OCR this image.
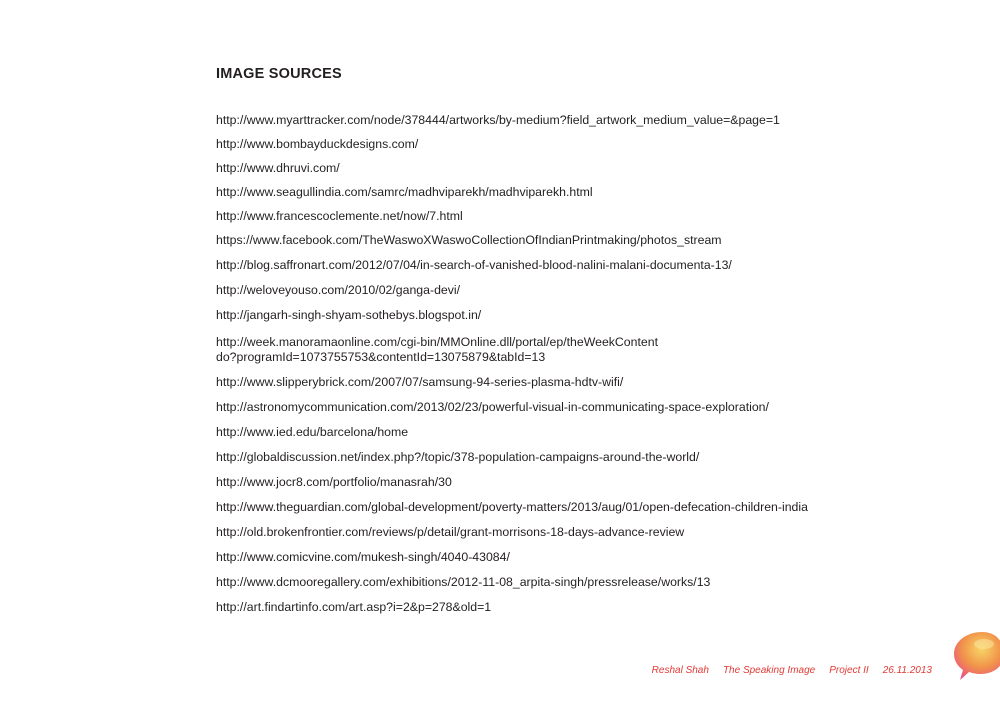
IMAGE SOURCES
http://www.myarttracker.com/node/378444/artworks/by-medium?field_artwork_medium_value=&page=1
http://www.bombayduckdesigns.com/
http://www.dhruvi.com/
http://www.seagullindia.com/samrc/madhviparekh/madhviparekh.html
http://www.francescoclemente.net/now/7.html
https://www.facebook.com/TheWaswoXWaswoCollectionOfIndianPrintmaking/photos_stream
http://blog.saffronart.com/2012/07/04/in-search-of-vanished-blood-nalini-malani-documenta-13/
http://weloveyouso.com/2010/02/ganga-devi/
http://jangarh-singh-shyam-sothebys.blogspot.in/
http://week.manoramaonline.com/cgi-bin/MMOnline.dll/portal/ep/theWeekContent
do?programId=1073755753&contentId=13075879&tabId=13
http://www.slipperybrick.com/2007/07/samsung-94-series-plasma-hdtv-wifi/
http://astronomycommunication.com/2013/02/23/powerful-visual-in-communicating-space-exploration/
http://www.ied.edu/barcelona/home
http://globaldiscussion.net/index.php?/topic/378-population-campaigns-around-the-world/
http://www.jocr8.com/portfolio/manasrah/30
http://www.theguardian.com/global-development/poverty-matters/2013/aug/01/open-defecation-children-india
http://old.brokenfrontier.com/reviews/p/detail/grant-morrisons-18-days-advance-review
http://www.comicvine.com/mukesh-singh/4040-43084/
http://www.dcmooregallery.com/exhibitions/2012-11-08_arpita-singh/pressrelease/works/13
http://art.findartinfo.com/art.asp?i=2&p=278&old=1
Reshal Shah The Speaking Image Project II 26.11.2013
